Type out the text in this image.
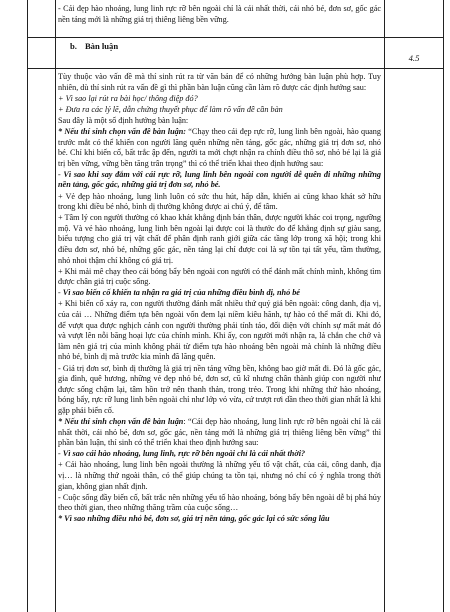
- Cái đẹp hào nhoáng, lung linh rực rỡ bên ngoài chỉ là cái nhất thời, cái nhỏ bé, đơn sơ, gốc gác nền tảng mới là những giá trị thiêng liêng bền vững.
b. Bàn luận
4.5

Tùy thuộc vào vấn đề mà thí sinh rút ra từ văn bản để có những hướng bàn luận phù hợp. Tuy nhiên, dù thí sinh rút ra vấn đề gì thì phần bàn luận cũng cần làm rõ được các định hướng sau:

+ Vì sao lại rút ra bài học/ thông điệp đó?

+ Đưa ra các lý lẽ, dẫn chứng thuyết phục để làm rõ vấn đề cần bàn

Sau đây là một số định hướng bàn luận:

* Nếu thí sinh chọn vấn đề bàn luận: “Chạy theo cái đẹp rực rỡ, lung linh bên ngoài, hào quang trước mắt có thể khiến con người lãng quên những nền tảng, gốc gác, những giá trị đơn sơ, nhỏ bé. Chỉ khi biến cố, bất trắc ập đến, người ta mới chợt nhận ra chính điều thô sơ, nhỏ bé lại là giá trị bền vững, vững bền tăng trân trọng” thì có thể triển khai theo định hướng sau:

- Vì sao khi say đắm với cái rực rỡ, lung linh bên ngoài con người dễ quên đi những những nền tảng, gốc gác, những giá trị đơn sơ, nhỏ bé.

+ Vẻ đẹp hào nhoáng, lung linh luôn có sức thu hút, hấp dẫn, khiến ai cũng khao khát sở hữu trong khi điều bé nhỏ, bình dị thường không được ai chú ý, để tâm.

+ Tâm lý con người thường có khao khát khẳng định bản thân, được người khác coi trọng, ngưỡng mộ. Và vẻ hào nhoáng, lung linh bên ngoài lại được coi là thước đo để khẳng định sự giàu sang, biểu tượng cho giá trị vật chất để phân định ranh giới giữa các tầng lớp trong xã hội; trong khi điều đơn sơ, nhỏ bé, những gốc gác, nền tảng lại chỉ được coi là sự tồn tại tất yếu, tầm thường, nhỏ nhoi thậm chí không có giá trị.

+ Khi mải mê chạy theo cái bóng bẩy bên ngoài con người có thể đánh mất chính mình, không tìm được chân giá trị cuộc sống.

- Vì sao biến cố khiến ta nhận ra giá trị của những điều bình dị, nhỏ bé

+ Khi biến cố xảy ra, con người thường đánh mất nhiều thứ quý giá bên ngoài: công danh, địa vị, của cải … Những điểm tựa bên ngoài vốn đem lại niềm kiêu hãnh, tự hào có thể mất đi. Khi đó, để vượt qua được nghịch cảnh con người thường phải tính táo, đối diện với chính sự mất mát đó và vượt lên nỗi băng hoại lực của chính mình. Khi ấy, con người mới nhận ra, lả chắn che chở và làm nên giá trị của mình không phải từ điểm tựa hào nhoáng bên ngoài mà chính là những điều nhỏ bé, bình dị mà trước kia mình đã lãng quên.

- Giá trị đơn sơ, bình dị thường là giá trị nền tảng vững bền, không bao giờ mất đi. Đó là gốc gác, gia đình, quê hương, những vẻ đẹp nhỏ bé, đơn sơ, cũ kĩ nhưng chân thành giúp con người như được sống chậm lại, tâm hồn trở nên thanh thản, trong trẻo. Trong khi những thứ hào nhoáng, bóng bẩy, rực rỡ lung linh bên ngoài chỉ như lớp vỏ vừa, cứ trượt rơi dần theo thời gian nhất là khi gặp phải biến cố.

* Nếu thí sinh chọn vấn đề bàn luận: “Cái đẹp hào nhoáng, lung linh rực rỡ bên ngoài chỉ là cái nhất thời, cái nhỏ bé, đơn sơ, gốc gác, nền tảng mới là những giá trị thiêng liêng bền vững” thì phần bàn luận, thí sinh có thể triển khai theo định hướng sau:

- Vì sao cái hào nhoáng, lung linh, rực rỡ bên ngoài chỉ là cái nhất thời?

+ Cái hào nhoáng, lung linh bên ngoài thường là những yếu tố vật chất, của cải, công danh, địa vị… là những thứ ngoài thân, có thể giúp chúng ta tồn tại, nhưng nó chỉ có ý nghĩa trong thời gian, không gian nhất định.

- Cuộc sống đầy biến cố, bất trắc nên những yếu tố hào nhoáng, bóng bẩy bên ngoài dễ bị phá hủy theo thời gian, theo những thăng trầm của cuộc sống…

* Vì sao những điều nhỏ bé, đơn sơ, giá trị nền tảng, gốc gác lại có sức sống lâu
